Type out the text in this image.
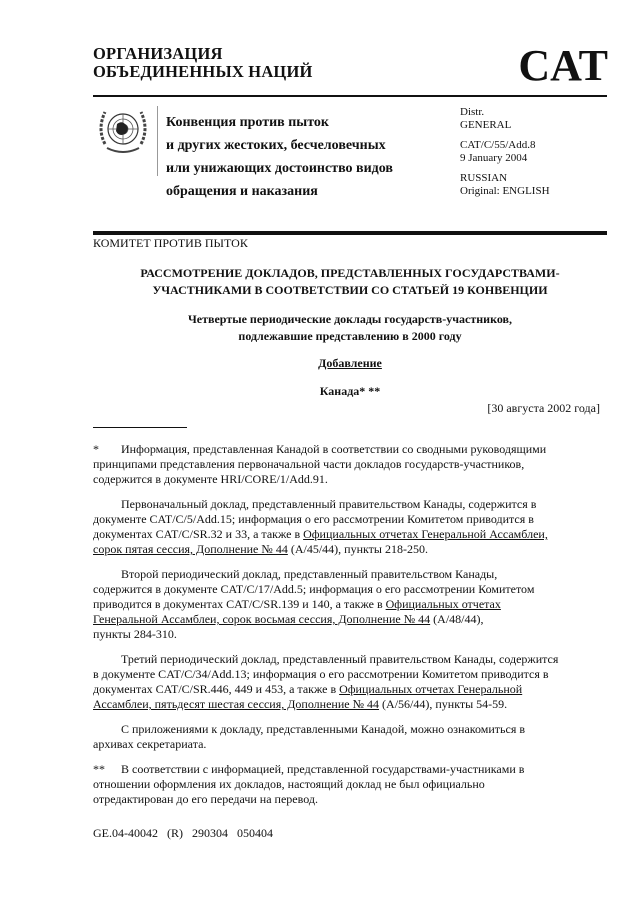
ОРГАНИЗАЦИЯ
ОБЪЕДИНЕННЫХ НАЦИЙ	CAT
Конвенция против пыток
и других жестоких, бесчеловечных
или унижающих достоинство видов
обращения и наказания
Distr.
GENERAL
CAT/C/55/Add.8
9 January 2004
RUSSIAN
Original: ENGLISH
КОМИТЕТ ПРОТИВ ПЫТОК
РАССМОТРЕНИЕ ДОКЛАДОВ, ПРЕДСТАВЛЕННЫХ ГОСУДАРСТВАМИ-
УЧАСТНИКАМИ В СООТВЕТСТВИИ СО СТАТЬЕЙ 19 КОНВЕНЦИИ
Четвертые периодические доклады государств-участников,
подлежавшие представлению в 2000 году
Добавление
Канада* **
[30 августа 2002 года]
* Информация, представленная Канадой в соответствии со сводными руководящими
принципами представления первоначальной части докладов государств-участников,
содержится в документе HRI/CORE/1/Add.91.
Первоначальный доклад, представленный правительством Канады, содержится в
документе CAT/C/5/Add.15; информация о его рассмотрении Комитетом приводится в
документах CAT/C/SR.32 и 33, а также в Официальных отчетах Генеральной Ассамблеи,
сорок пятая сессия, Дополнение № 44 (A/45/44), пункты 218-250.
Второй периодический доклад, представленный правительством Канады,
содержится в документе CAT/C/17/Add.5; информация о его рассмотрении Комитетом
приводится в документах CAT/C/SR.139 и 140, а также в Официальных отчетах
Генеральной Ассамблеи, сорок восьмая сессия, Дополнение № 44 (A/48/44),
пункты 284-310.
Третий периодический доклад, представленный правительством Канады, содержится
в документе CAT/C/34/Add.13; информация о его рассмотрении Комитетом приводится в
документах CAT/C/SR.446, 449 и 453, а также в Официальных отчетах Генеральной
Ассамблеи, пятьдесят шестая сессия, Дополнение № 44 (A/56/44), пункты 54-59.
С приложениями к докладу, представленными Канадой, можно ознакомиться в
архивах секретариата.
** В соответствии с информацией, представленной государствами-участниками в
отношении оформления их докладов, настоящий доклад не был официально
отредактирован до его передачи на перевод.
GE.04-40042 (R) 290304 050404
